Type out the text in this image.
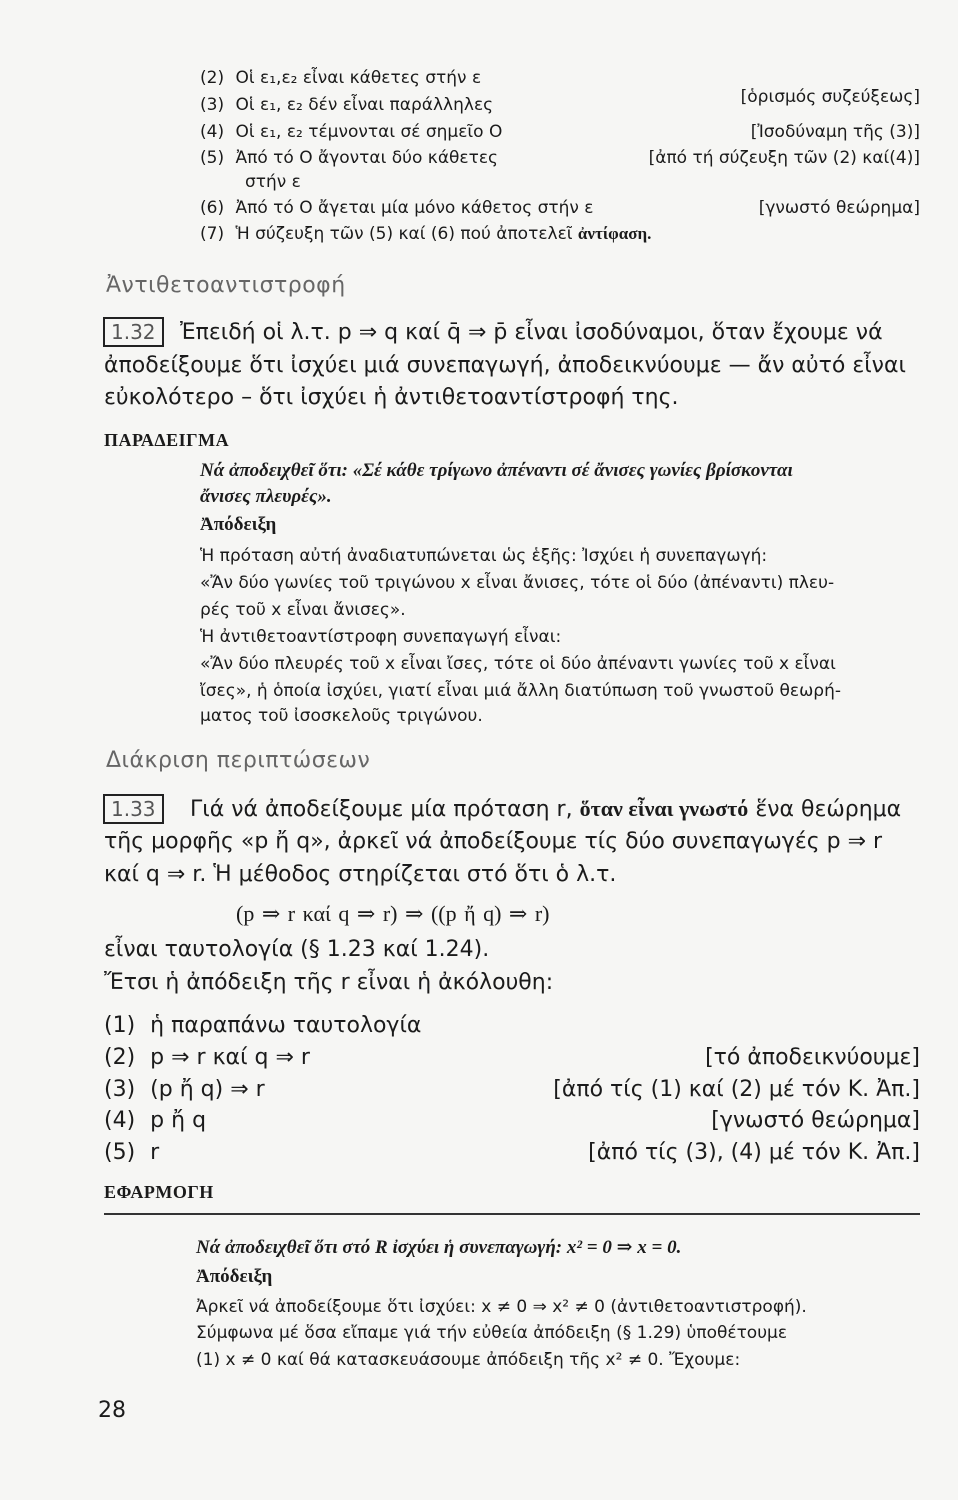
(2) Οἱ ε₁,ε₂ εἶναι κάθετες στήν ε
(3) Οἱ ε₁, ε₂ δέν εἶναι παράλληλες	[ὁρισμός συζεύξεως]
(4) Οἱ ε₁, ε₂ τέμνονται σέ σημεῖο Ο	[Ἰσοδύναμη τῆς (3)]
(5) Ἀπό τό Ο ἄγονται δύο κάθετες	[ἀπό τή σύζευξη τῶν (2) καί(4)]
στήν ε
(6) Ἀπό τό Ο ἄγεται μία μόνο κάθετος στήν ε	[γνωστό θεώρημα]
(7) Ἡ σύζευξη τῶν (5) καί (6) πού ἀποτελεῖ ἀντίφαση.
Ἀντιθετοαντιστροφή
1.32	Ἐπειδή οἱ λ.τ. p ⇒ q καί q̄ ⇒ p̄ εἶναι ἰσοδύναμοι, ὅταν ἔχουμε νά
ἀποδείξουμε ὅτι ἰσχύει μιά συνεπαγωγή, ἀποδεικνύουμε — ἄν αὐτό εἶναι
εὐκολότερο – ὅτι ἰσχύει ἡ ἀντιθετοαντίστροφή της.
ΠΑΡΑΔΕΙΓΜΑ
Νά ἀποδειχθεῖ ὅτι: «Σέ κάθε τρίγωνο ἀπέναντι σέ ἄνισες γωνίες βρίσκονται
ἄνισες πλευρές».
Ἀπόδειξη
Ἡ πρόταση αὐτή ἀναδιατυπώνεται ὡς ἑξῆς: Ἰσχύει ἡ συνεπαγωγή:
«Ἄν δύο γωνίες τοῦ τριγώνου x εἶναι ἄνισες, τότε οἱ δύο (ἀπέναντι) πλευ-
ρές τοῦ x εἶναι ἄνισες».
Ἡ ἀντιθετοαντίστροφη συνεπαγωγή εἶναι:
«Ἄν δύο πλευρές τοῦ x εἶναι ἴσες, τότε οἱ δύο ἀπέναντι γωνίες τοῦ x εἶναι
ἴσες», ἡ ὁποία ἰσχύει, γιατί εἶναι μιά ἄλλη διατύπωση τοῦ γνωστοῦ θεωρή-
ματος τοῦ ἰσοσκελοῦς τριγώνου.
Διάκριση περιπτώσεων
1.33	Γιά νά ἀποδείξουμε μία πρόταση r, ὅταν εἶναι γνωστό ἕνα θεώρημα
τῆς μορφῆς «p ἤ q», ἀρκεῖ νά ἀποδείξουμε τίς δύο συνεπαγωγές p ⇒ r
καί q ⇒ r. Ἡ μέθοδος στηρίζεται στό ὅτι ὁ λ.τ.
(p ⇒ r καί q ⇒ r) ⇒ ((p ἤ q) ⇒ r)
εἶναι ταυτολογία (§ 1.23 καί 1.24).
Ἔτσι ἡ ἀπόδειξη τῆς r εἶναι ἡ ἀκόλουθη:
(1) ἡ παραπάνω ταυτολογία
(2) p ⇒ r καί q ⇒ r	[τό ἀποδεικνύουμε]
(3) (p ἤ q) ⇒ r	[ἀπό τίς (1) καί (2) μέ τόν Κ. Ἀπ.]
(4) p ἤ q	[γνωστό θεώρημα]
(5) r	[ἀπό τίς (3), (4) μέ τόν Κ. Ἀπ.]
ΕΦΑΡΜΟΓΗ
Νά ἀποδειχθεῖ ὅτι στό R ἰσχύει ἡ συνεπαγωγή: x² = 0 ⇒ x = 0.
Ἀπόδειξη
Ἀρκεῖ νά ἀποδείξουμε ὅτι ἰσχύει: x ≠ 0 ⇒ x² ≠ 0 (ἀντιθετοαντιστροφή).
Σύμφωνα μέ ὅσα εἴπαμε γιά τήν εὐθεία ἀπόδειξη (§ 1.29) ὑποθέτουμε
(1) x ≠ 0 καί θά κατασκευάσουμε ἀπόδειξη τῆς x² ≠ 0. Ἔχουμε:
28
